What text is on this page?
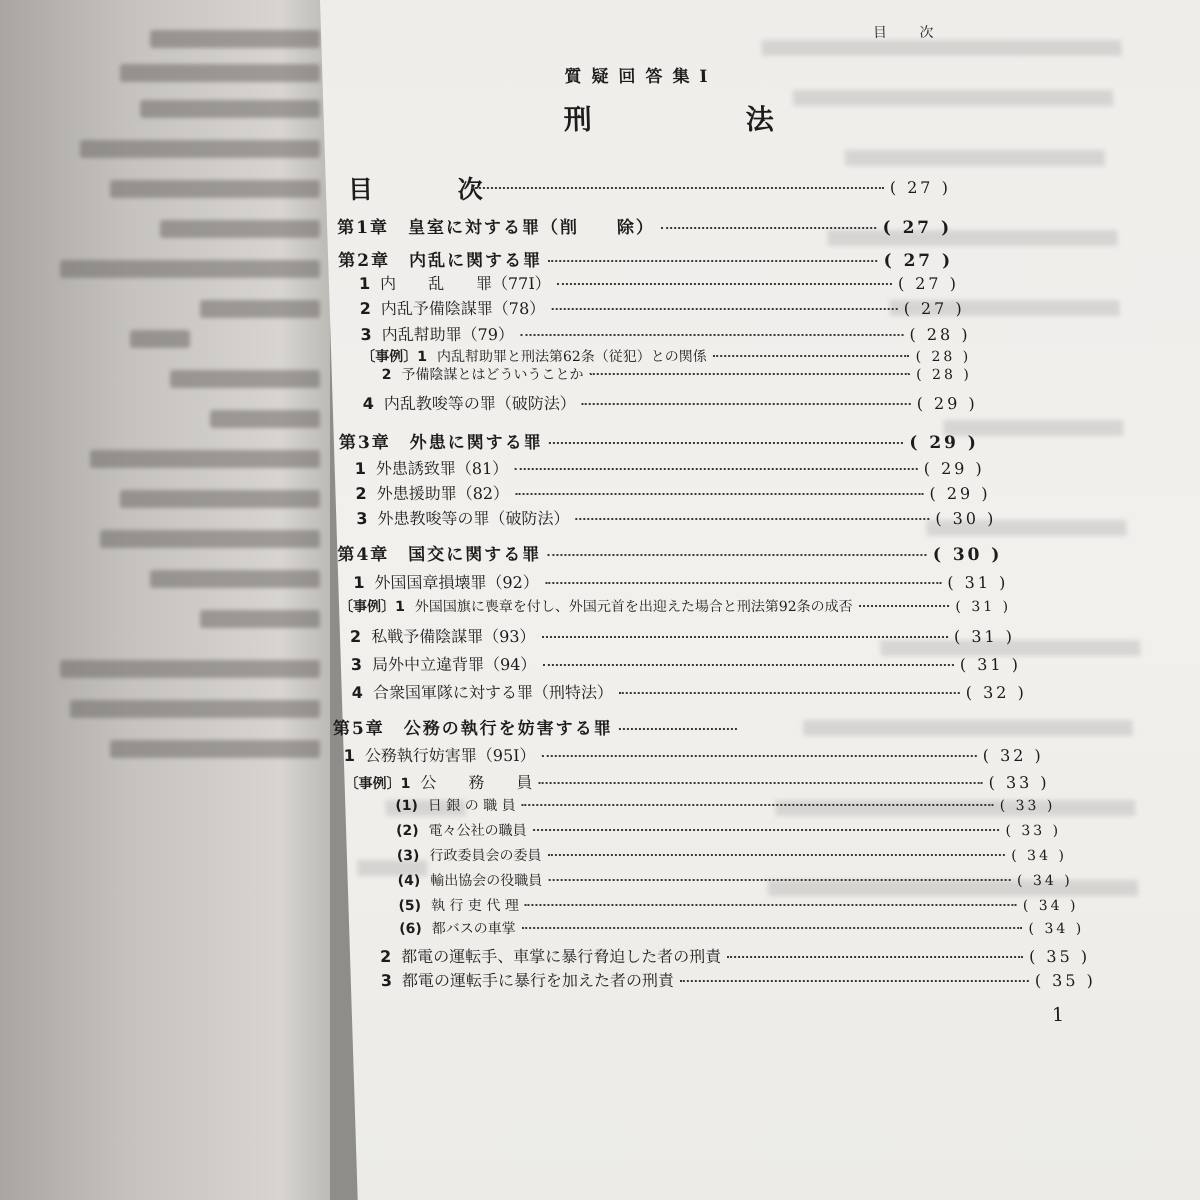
目 次
質疑回答集Ⅰ
刑	法
目 次	( 27 )
第1章　皇室に対する罪（削　　除）	( 27 )
第2章　内乱に関する罪	( 27 )
1 内　　乱　　罪（77Ⅰ）	( 27 )
2 内乱予備陰謀罪（78）	( 27 )
3 内乱幇助罪（79）	( 28 )
〔事例〕1 内乱幇助罪と刑法第62条（従犯）との関係	( 28 )
2 予備陰謀とはどういうことか	( 28 )
4 内乱教唆等の罪（破防法）	( 29 )
第3章　外患に関する罪	( 29 )
1 外患誘致罪（81）	( 29 )
2 外患援助罪（82）	( 29 )
3 外患教唆等の罪（破防法）	( 30 )
第4章　国交に関する罪	( 30 )
1 外国国章損壊罪（92）	( 31 )
〔事例〕1 外国国旗に喪章を付し、外国元首を出迎えた場合と刑法第92条の成否	( 31 )
2 私戦予備陰謀罪（93）	( 31 )
3 局外中立違背罪（94）	( 31 )
4 合衆国軍隊に対する罪（刑特法）	( 32 )
第5章　公務の執行を妨害する罪
1 公務執行妨害罪（95Ⅰ）	( 32 )
〔事例〕1 公　　務　　員	( 33 )
(1) 日 銀 の 職 員	( 33 )
(2) 電々公社の職員	( 33 )
(3) 行政委員会の委員	( 34 )
(4) 輸出協会の役職員	( 34 )
(5) 執 行 吏 代 理	( 34 )
(6) 都バスの車掌	( 34 )
2 都電の運転手、車掌に暴行脅迫した者の刑責	( 35 )
3 都電の運転手に暴行を加えた者の刑責	( 35 )
1
